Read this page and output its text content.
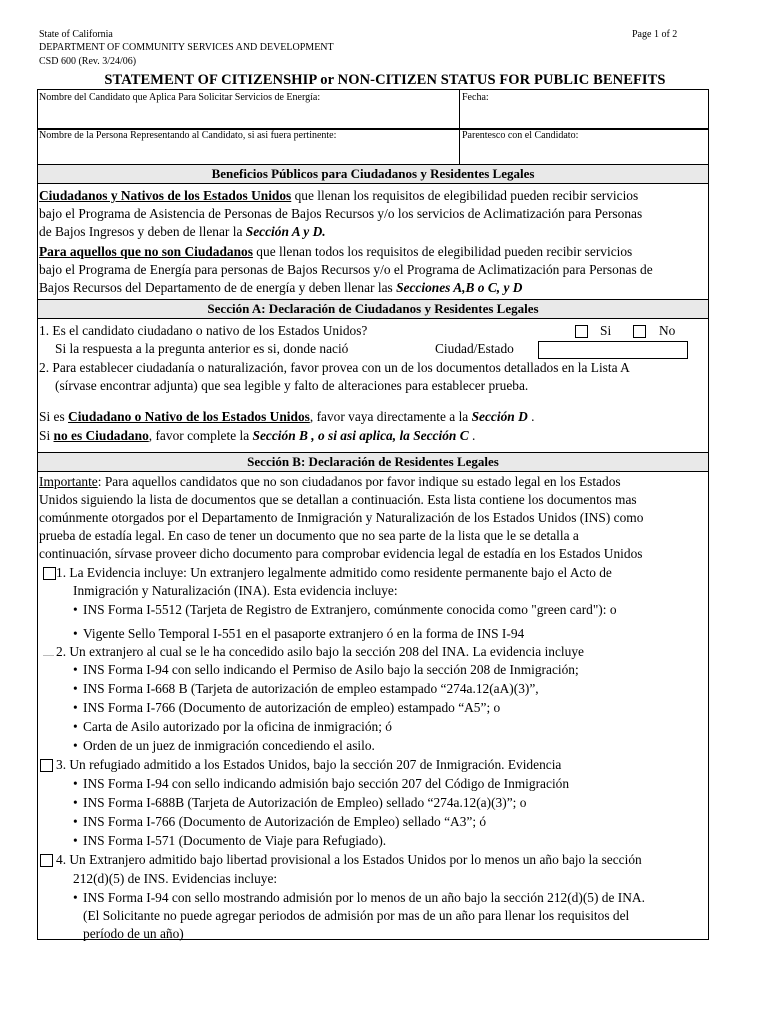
State of California
DEPARTMENT OF COMMUNITY SERVICES AND DEVELOPMENT
CSD 600 (Rev. 3/24/06)
Page 1 of 2
STATEMENT OF CITIZENSHIP or NON-CITIZEN STATUS FOR PUBLIC BENEFITS
Nombre del Candidato que Aplica Para Solicitar Servicios de Energía:	Fecha:
Nombre de la Persona Representando al Candidato, si asi fuera pertinente:	Parentesco con el Candidato:
Beneficios Públicos para Ciudadanos y Residentes Legales
Ciudadanos y Nativos de los Estados Unidos que llenan los requisitos de elegibilidad pueden recibir servicios
bajo el Programa de Asistencia de Personas de Bajos Recursos y/o los servicios de Aclimatización para Personas
de Bajos Ingresos y deben de llenar la Sección A y D.
Para aquellos que no son Ciudadanos que llenan todos los requisitos de elegibilidad pueden recibir servicios
bajo el Programa de Energía para personas de Bajos Recursos y/o el Programa de Aclimatización para Personas de
Bajos Recursos del Departamento de de energía y deben llenar las Secciones A,B o C, y D
Sección A: Declaración de Ciudadanos y Residentes Legales
1. Es el candidato ciudadano o nativo de los Estados Unidos?	Si	No
Si la respuesta a la pregunta anterior es si, donde nació	Ciudad/Estado
2. Para establecer ciudadanía o naturalización, favor provea con un de los documentos detallados en la Lista A
(sírvase encontrar adjunta) que sea legible y falto de alteraciones para establecer prueba.
Si es Ciudadano o Nativo de los Estados Unidos, favor vaya directamente a la Sección D .
Si no es Ciudadano, favor complete la Sección B , o si asi aplica, la Sección C .
Sección B: Declaración de Residentes Legales
Importante: Para aquellos candidatos que no son ciudadanos por favor indique su estado legal en los Estados
Unidos siguiendo la lista de documentos que se detallan a continuación. Esta lista contiene los documentos mas
comúnmente otorgados por el Departamento de Inmigración y Naturalización de los Estados Unidos (INS) como
prueba de estadía legal. En caso de tener un documento que no sea parte de la lista que le se detalla a
continuación, sírvase proveer dicho documento para comprobar evidencia legal de estadía en los Estados Unidos
1. La Evidencia incluye: Un extranjero legalmente admitido como residente permanente bajo el Acto de
Inmigración y Naturalización (INA). Esta evidencia incluye:
• INS Forma I-5512 (Tarjeta de Registro de Extranjero, comúnmente conocida como "green card"): o
• Vigente Sello Temporal I-551 en el pasaporte extranjero ó en la forma de INS I-94
2. Un extranjero al cual se le ha concedido asilo bajo la sección 208 del INA. La evidencia incluye
• INS Forma I-94 con sello indicando el Permiso de Asilo bajo la sección 208 de Inmigración;
• INS Forma I-668 B (Tarjeta de autorización de empleo estampado “274a.12(aA)(3)”,
• INS Forma I-766 (Documento de autorización de empleo) estampado “A5”; o
• Carta de Asilo autorizado por la oficina de inmigración; ó
• Orden de un juez de inmigración concediendo el asilo.
3. Un refugiado admitido a los Estados Unidos, bajo la sección 207 de Inmigración. Evidencia
• INS Forma I-94 con sello indicando admisión bajo sección 207 del Código de Inmigración
• INS Forma I-688B (Tarjeta de Autorización de Empleo) sellado “274a.12(a)(3)”; o
• INS Forma I-766 (Documento de Autorización de Empleo) sellado “A3”; ó
• INS Forma I-571 (Documento de Viaje para Refugiado).
4. Un Extranjero admitido bajo libertad provisional a los Estados Unidos por lo menos un año bajo la sección
212(d)(5) de INS. Evidencias incluye:
• INS Forma I-94 con sello mostrando admisión por lo menos de un año bajo la sección 212(d)(5) de INA.
(El Solicitante no puede agregar periodos de admisión por mas de un año para llenar los requisitos del
período de un año)
